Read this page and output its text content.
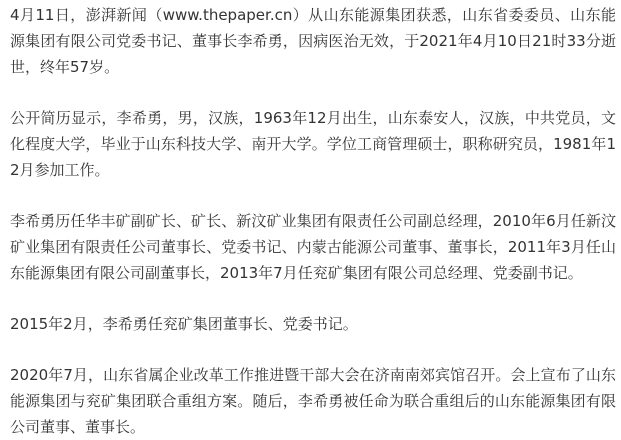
4月11日，澎湃新闻（www.thepaper.cn）从山东能源集团获悉，山东省委委员、山东能源集团有限公司党委书记、董事长李希勇，因病医治无效，于2021年4月10日21时33分逝世，终年57岁。

公开简历显示，李希勇，男，汉族，1963年12月出生，山东泰安人，汉族，中共党员，文化程度大学，毕业于山东科技大学、南开大学。学位工商管理硕士，职称研究员，1981年12月参加工作。

李希勇历任华丰矿副矿长、矿长、新汶矿业集团有限责任公司副总经理，2010年6月任新汶矿业集团有限责任公司董事长、党委书记、内蒙古能源公司董事、董事长，2011年3月任山东能源集团有限公司副董事长，2013年7月任兖矿集团有限公司总经理、党委副书记。

2015年2月，李希勇任兖矿集团董事长、党委书记。

2020年7月，山东省属企业改革工作推进暨干部大会在济南南郊宾馆召开。会上宣布了山东能源集团与兖矿集团联合重组方案。随后，李希勇被任命为联合重组后的山东能源集团有限公司董事、董事长。
